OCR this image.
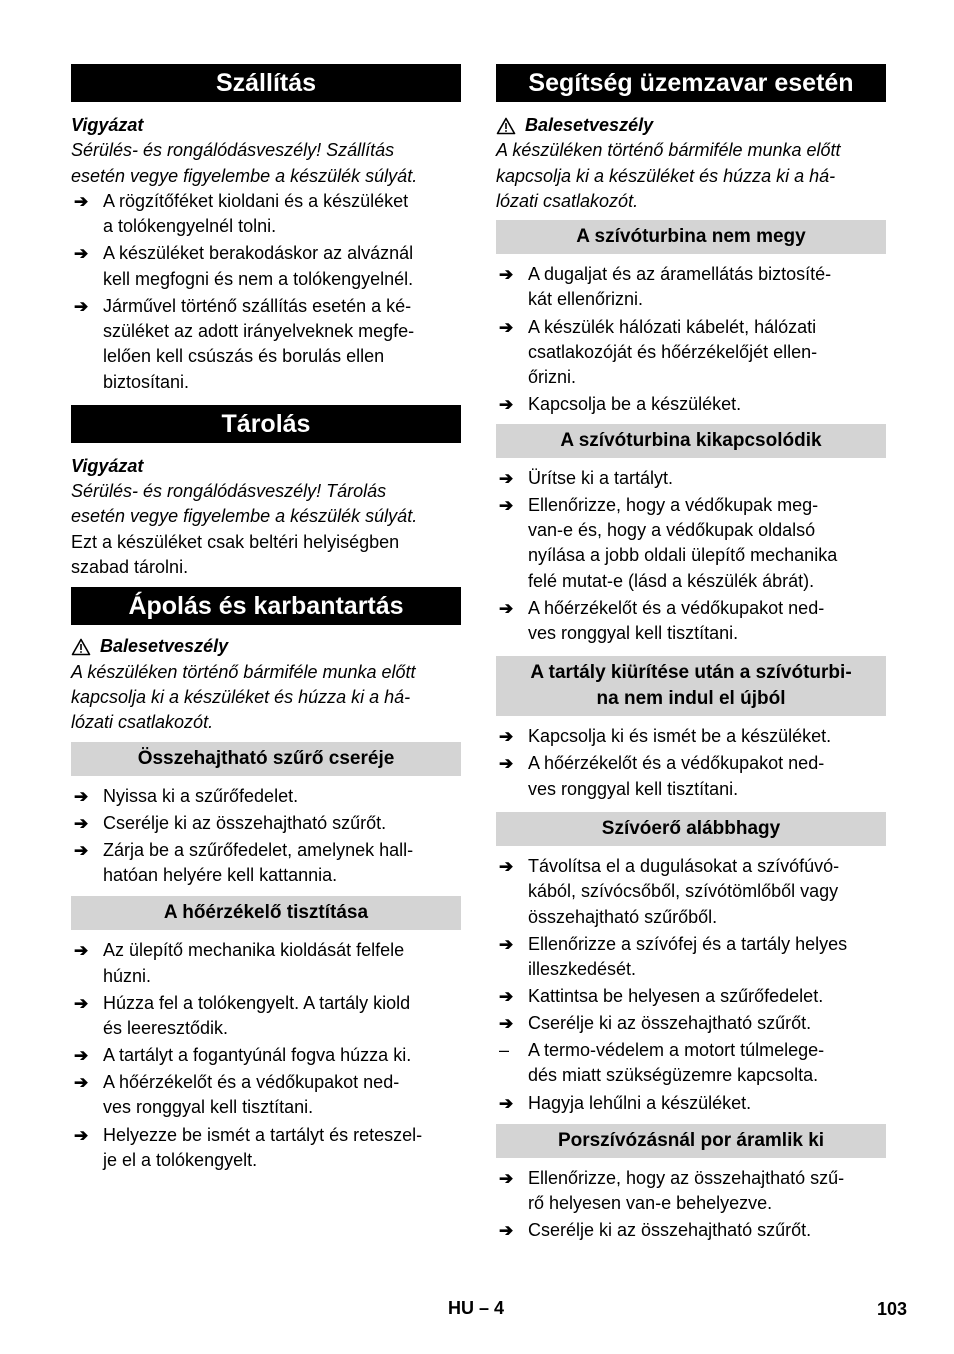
Szállítás
Vigyázat
Sérülés- és rongálódásveszély! Szállítás
esetén vegye figyelembe a készülék súlyát.
➔ A rögzítőféket kioldani és a készüléket
a tolókengyelnél tolni.
➔ A készüléket berakodáskor az alváznál
kell megfogni és nem a tolókengyelnél.
➔ Járművel történő szállítás esetén a ké-
szüléket az adott irányelveknek megfe-
lelően kell csúszás és borulás ellen
biztosítani.
Tárolás
Vigyázat
Sérülés- és rongálódásveszély! Tárolás
esetén vegye figyelembe a készülék súlyát.
Ezt a készüléket csak beltéri helyiségben
szabad tárolni.
Ápolás és karbantartás
Balesetveszély
A készüléken történő bármiféle munka előtt
kapcsolja ki a készüléket és húzza ki a há-
lózati csatlakozót.
Összehajtható szűrő cseréje
➔ Nyissa ki a szűrőfedelet.
➔ Cserélje ki az összehajtható szűrőt.
➔ Zárja be a szűrőfedelet, amelynek hall-
hatóan helyére kell kattannia.
A hőérzékelő tisztítása
➔ Az ülepítő mechanika kioldását felfele
húzni.
➔ Húzza fel a tolókengyelt. A tartály kiold
és leeresztődik.
➔ A tartályt a fogantyúnál fogva húzza ki.
➔ A hőérzékelőt és a védőkupakot ned-
ves ronggyal kell tisztítani.
➔ Helyezze be ismét a tartályt és reteszel-
je el a tolókengyelt.
Segítség üzemzavar esetén
Balesetveszély
A készüléken történő bármiféle munka előtt
kapcsolja ki a készüléket és húzza ki a há-
lózati csatlakozót.
A szívóturbina nem megy
➔ A dugaljat és az áramellátás biztosíté-
kát ellenőrizni.
➔ A készülék hálózati kábelét, hálózati
csatlakozóját és hőérzékelőjét ellen-
őrizni.
➔ Kapcsolja be a készüléket.
A szívóturbina kikapcsolódik
➔ Ürítse ki a tartályt.
➔ Ellenőrizze, hogy a védőkupak meg-
van-e és, hogy a védőkupak oldalsó
nyílása a jobb oldali ülepítő mechanika
felé mutat-e (lásd a készülék ábrát).
➔ A hőérzékelőt és a védőkupakot ned-
ves ronggyal kell tisztítani.
A tartály kiürítése után a szívóturbi-
na nem indul el újból
➔ Kapcsolja ki és ismét be a készüléket.
➔ A hőérzékelőt és a védőkupakot ned-
ves ronggyal kell tisztítani.
Szívóerő alábbhagy
➔ Távolítsa el a dugulásokat a szívófúvó-
kából, szívócsőből, szívótömlőből vagy
összehajtható szűrőből.
➔ Ellenőrizze a szívófej és a tartály helyes
illeszkedését.
➔ Kattintsa be helyesen a szűrőfedelet.
➔ Cserélje ki az összehajtható szűrőt.
– A termo-védelem a motort túlmelege-
dés miatt szükségüzemre kapcsolta.
➔ Hagyja lehűlni a készüléket.
Porszívózásnál por áramlik ki
➔ Ellenőrizze, hogy az összehajtható szű-
rő helyesen van-e behelyezve.
➔ Cserélje ki az összehajtható szűrőt.
HU – 4	103
